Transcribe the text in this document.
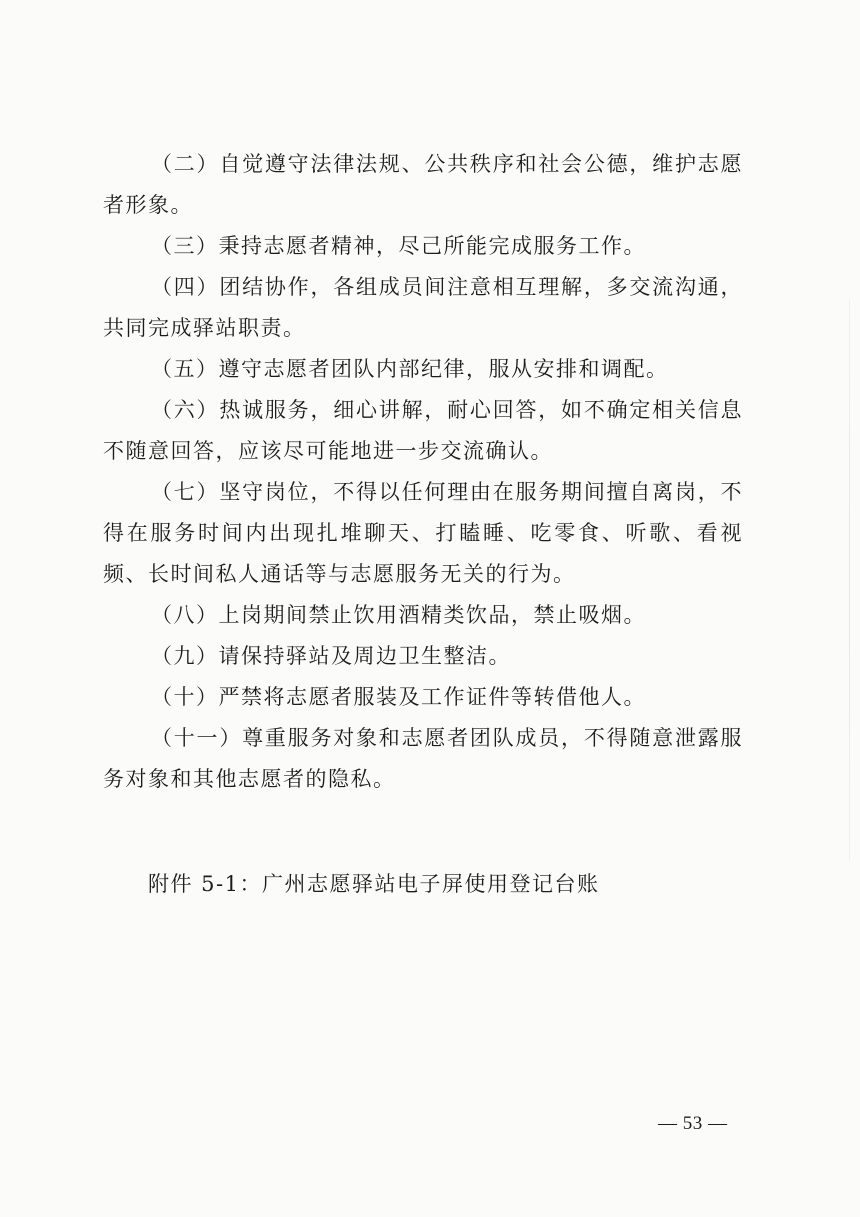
（二）自觉遵守法律法规、公共秩序和社会公德，维护志愿者形象。

（三）秉持志愿者精神，尽己所能完成服务工作。

（四）团结协作，各组成员间注意相互理解，多交流沟通，共同完成驿站职责。

（五）遵守志愿者团队内部纪律，服从安排和调配。

（六）热诚服务，细心讲解，耐心回答，如不确定相关信息不随意回答，应该尽可能地进一步交流确认。

（七）坚守岗位，不得以任何理由在服务期间擅自离岗，不得在服务时间内出现扎堆聊天、打瞌睡、吃零食、听歌、看视频、长时间私人通话等与志愿服务无关的行为。

（八）上岗期间禁止饮用酒精类饮品，禁止吸烟。

（九）请保持驿站及周边卫生整洁。

（十）严禁将志愿者服装及工作证件等转借他人。

（十一）尊重服务对象和志愿者团队成员，不得随意泄露服务对象和其他志愿者的隐私。

附件 5-1：广州志愿驿站电子屏使用登记台账
— 53 —
